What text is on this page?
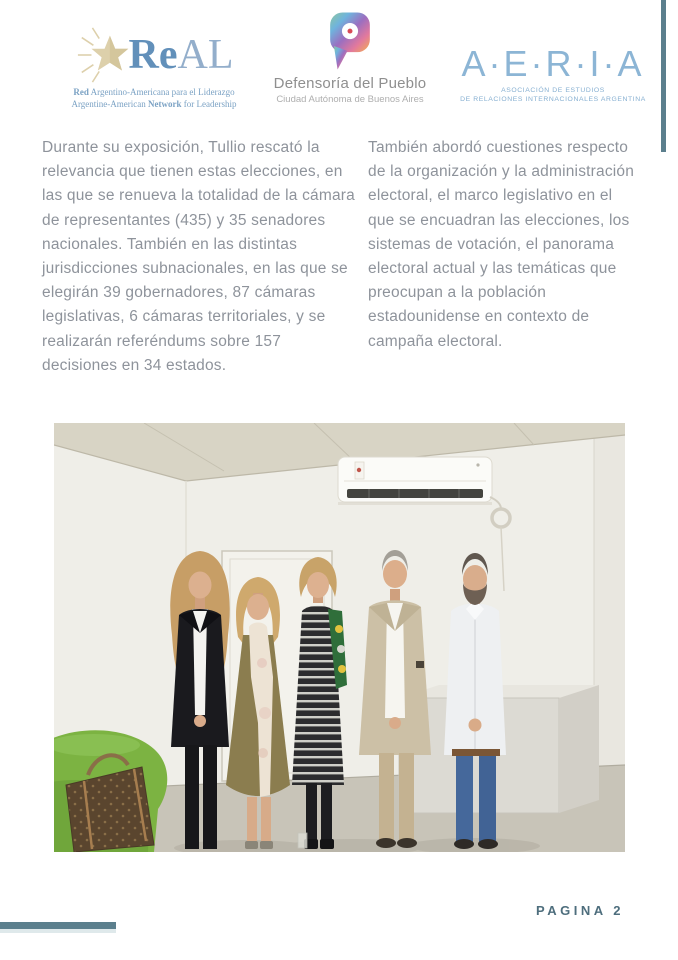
ReAL
Red Argentino-Americana para el Liderazgo
Argentine-American Network for Leadership
Defensoría del Pueblo
Ciudad Autónoma de Buenos Aires
A·E·R·I·A
ASOCIACIÓN DE ESTUDIOS
DE RELACIONES INTERNACIONALES ARGENTINA
Durante su exposición, Tullio rescató la relevancia que tienen estas elecciones, en las que se renueva la totalidad de la cámara de representantes (435) y 35 senadores nacionales. También en las distintas jurisdicciones subnacionales, en las que se elegirán 39 gobernadores, 87 cámaras legislativas, 6 cámaras territoriales, y se realizarán referéndums sobre 157 decisiones en 34 estados.
También abordó cuestiones respecto de la organización y la administración electoral, el marco legislativo en el que se encuadran las elecciones, los sistemas de votación, el panorama electoral actual y las temáticas que preocupan a la población estadounidense en contexto de campaña electoral.
PAGINA 2
